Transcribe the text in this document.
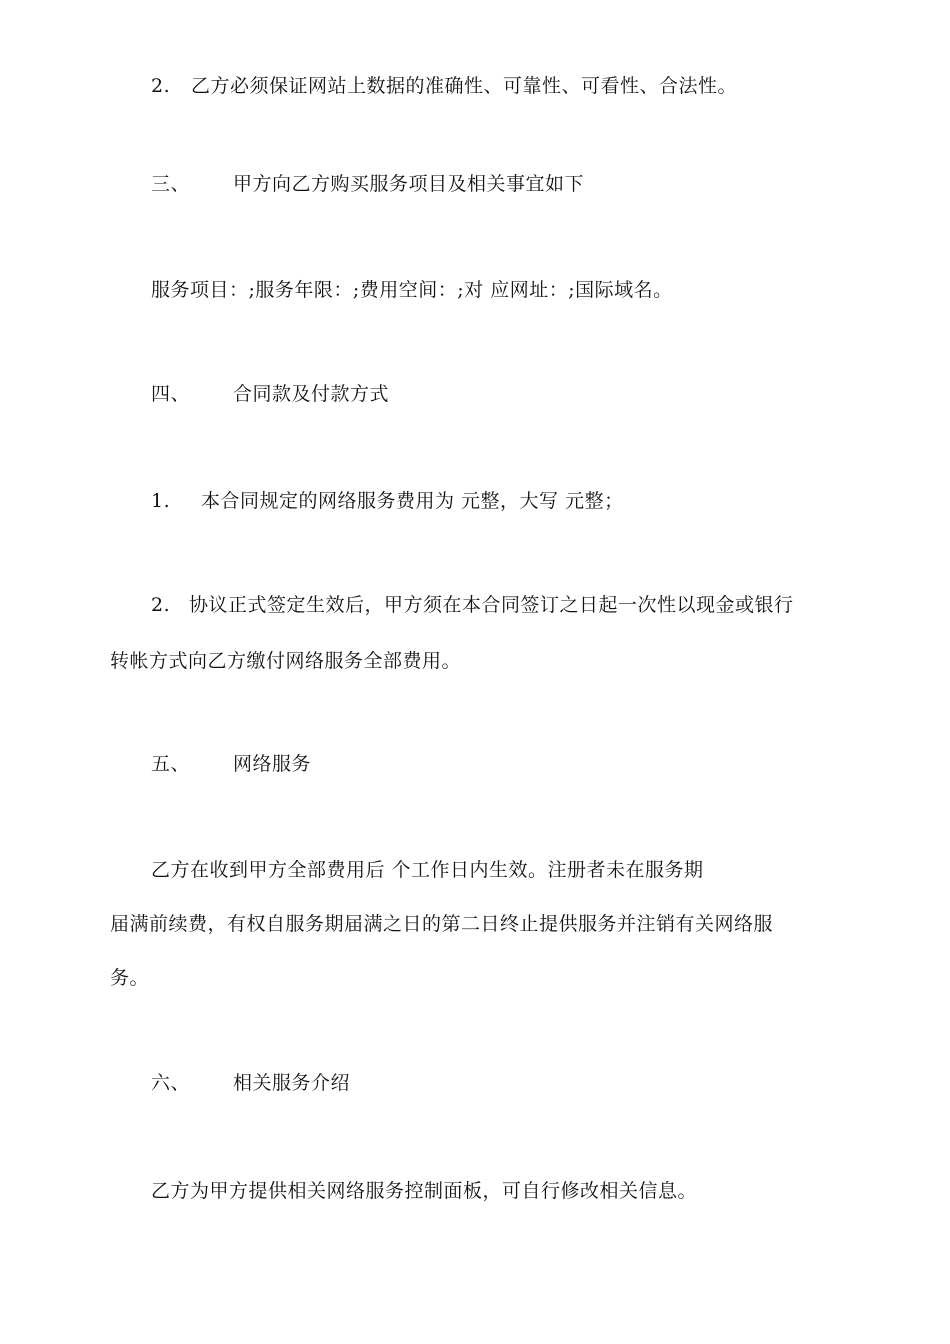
2. 乙方必须保证网站上数据的准确性、可靠性、可看性、合法性。
三、 甲方向乙方购买服务项目及相关事宜如下
服务项目：;服务年限：;费用空间：;对 应网址：;国际域名。
四、 合同款及付款方式
1. 本合同规定的网络服务费用为 元整，大写 元整；
2. 协议正式签定生效后，甲方须在本合同签订之日起一次性以现金或银行
转帐方式向乙方缴付网络服务全部费用。
五、 网络服务
乙方在收到甲方全部费用后 个工作日内生效。注册者未在服务期
届满前续费，有权自服务期届满之日的第二日终止提供服务并注销有关网络服
务。
六、 相关服务介绍
乙方为甲方提供相关网络服务控制面板，可自行修改相关信息。
